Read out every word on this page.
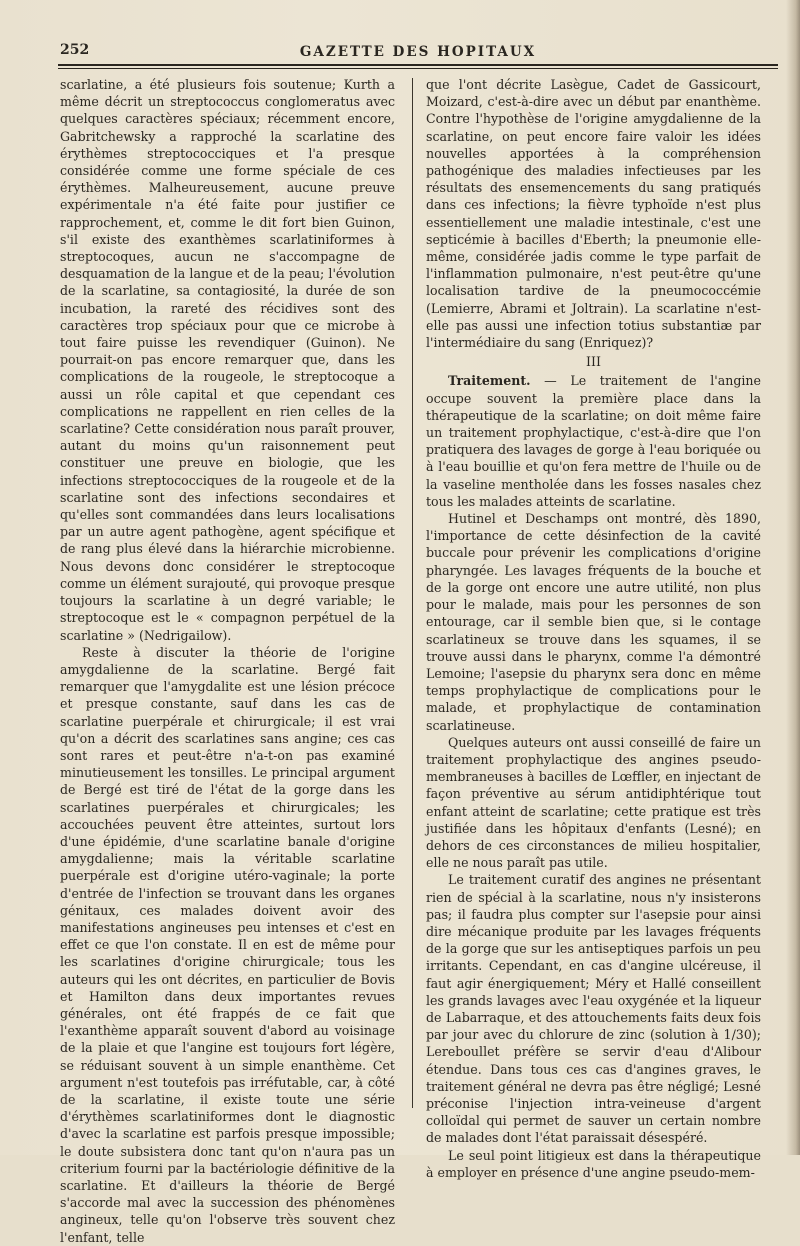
252	GAZETTE DES HOPITAUX

scarlatine, a été plusieurs fois soutenue; Kurth a même décrit un streptococcus conglomeratus avec quelques caractères spéciaux; récemment encore, Gabritchewsky a rapproché la scarlatine des érythèmes streptococciques et l'a presque considérée comme une forme spéciale de ces érythèmes. Malheureusement, aucune preuve expérimentale n'a été faite pour justifier ce rapprochement, et, comme le dit fort bien Guinon, s'il existe des exanthèmes scarlatiniformes à streptocoques, aucun ne s'accompagne de desquamation de la langue et de la peau; l'évolution de la scarlatine, sa contagiosité, la durée de son incubation, la rareté des récidives sont des caractères trop spéciaux pour que ce microbe à tout faire puisse les revendiquer (Guinon). Ne pourrait-on pas encore remarquer que, dans les complications de la rougeole, le streptocoque a aussi un rôle capital et que cependant ces complications ne rappellent en rien celles de la scarlatine? Cette considération nous paraît prouver, autant du moins qu'un raisonnement peut constituer une preuve en biologie, que les infections streptococciques de la rougeole et de la scarlatine sont des infections secondaires et qu'elles sont commandées dans leurs localisations par un autre agent pathogène, agent spécifique et de rang plus élevé dans la hiérarchie microbienne. Nous devons donc considérer le streptocoque comme un élément surajouté, qui provoque presque toujours la scarlatine à un degré variable; le streptocoque est le « compagnon perpétuel de la scarlatine » (Nedrigailow).

Reste à discuter la théorie de l'origine amygdalienne de la scarlatine. Bergé fait remarquer que l'amygdalite est une lésion précoce et presque constante, sauf dans les cas de scarlatine puerpérale et chirurgicale; il est vrai qu'on a décrit des scarlatines sans angine; ces cas sont rares et peut-être n'a-t-on pas examiné minutieusement les tonsilles. Le principal argument de Bergé est tiré de l'état de la gorge dans les scarlatines puerpérales et chirurgicales; les accouchées peuvent être atteintes, surtout lors d'une épidémie, d'une scarlatine banale d'origine amygdalienne; mais la véritable scarlatine puerpérale est d'origine utéro-vaginale; la porte d'entrée de l'infection se trouvant dans les organes génitaux, ces malades doivent avoir des manifestations angineuses peu intenses et c'est en effet ce que l'on constate. Il en est de même pour les scarlatines d'origine chirurgicale; tous les auteurs qui les ont décrites, en particulier de Bovis et Hamilton dans deux importantes revues générales, ont été frappés de ce fait que l'exanthème apparaît souvent d'abord au voisinage de la plaie et que l'angine est toujours fort légère, se réduisant souvent à un simple enanthème. Cet argument n'est toutefois pas irréfutable, car, à côté de la scarlatine, il existe toute une série d'érythèmes scarlatiniformes dont le diagnostic d'avec la scarlatine est parfois presque impossible; le doute subsistera donc tant qu'on n'aura pas un criterium fourni par la bactériologie définitive de la scarlatine. Et d'ailleurs la théorie de Bergé s'accorde mal avec la succession des phénomènes angineux, telle qu'on l'observe très souvent chez l'enfant, telle

que l'ont décrite Lasègue, Cadet de Gassicourt, Moizard, c'est-à-dire avec un début par enanthème. Contre l'hypothèse de l'origine amygdalienne de la scarlatine, on peut encore faire valoir les idées nouvelles apportées à la compréhension pathogénique des maladies infectieuses par les résultats des ensemencements du sang pratiqués dans ces infections; la fièvre typhoïde n'est plus essentiellement une maladie intestinale, c'est une septicémie à bacilles d'Eberth; la pneumonie elle-même, considérée jadis comme le type parfait de l'inflammation pulmonaire, n'est peut-être qu'une localisation tardive de la pneumococcémie (Lemierre, Abrami et Joltrain). La scarlatine n'est-elle pas aussi une infection totius substantiæ par l'intermédiaire du sang (Enriquez)?

III

Traitement. — Le traitement de l'angine occupe souvent la première place dans la thérapeutique de la scarlatine; on doit même faire un traitement prophylactique, c'est-à-dire que l'on pratiquera des lavages de gorge à l'eau boriquée ou à l'eau bouillie et qu'on fera mettre de l'huile ou de la vaseline mentholée dans les fosses nasales chez tous les malades atteints de scarlatine.

Hutinel et Deschamps ont montré, dès 1890, l'importance de cette désinfection de la cavité buccale pour prévenir les complications d'origine pharyngée. Les lavages fréquents de la bouche et de la gorge ont encore une autre utilité, non plus pour le malade, mais pour les personnes de son entourage, car il semble bien que, si le contage scarlatineux se trouve dans les squames, il se trouve aussi dans le pharynx, comme l'a démontré Lemoine; l'asepsie du pharynx sera donc en même temps prophylactique de complications pour le malade, et prophylactique de contamination scarlatineuse.

Quelques auteurs ont aussi conseillé de faire un traitement prophylactique des angines pseudo-membraneuses à bacilles de Lœffler, en injectant de façon préventive au sérum antidiphtérique tout enfant atteint de scarlatine; cette pratique est très justifiée dans les hôpitaux d'enfants (Lesné); en dehors de ces circonstances de milieu hospitalier, elle ne nous paraît pas utile.

Le traitement curatif des angines ne présentant rien de spécial à la scarlatine, nous n'y insisterons pas; il faudra plus compter sur l'asepsie pour ainsi dire mécanique produite par les lavages fréquents de la gorge que sur les antiseptiques parfois un peu irritants. Cependant, en cas d'angine ulcéreuse, il faut agir énergiquement; Méry et Hallé conseillent les grands lavages avec l'eau oxygénée et la liqueur de Labarraque, et des attouchements faits deux fois par jour avec du chlorure de zinc (solution à 1/30); Lereboullet préfère se servir d'eau d'Alibour étendue. Dans tous ces cas d'angines graves, le traitement général ne devra pas être négligé; Lesné préconise l'injection intra-veineuse d'argent colloïdal qui permet de sauver un certain nombre de malades dont l'état paraissait désespéré.

Le seul point litigieux est dans la thérapeutique à employer en présence d'une angine pseudo-mem-
